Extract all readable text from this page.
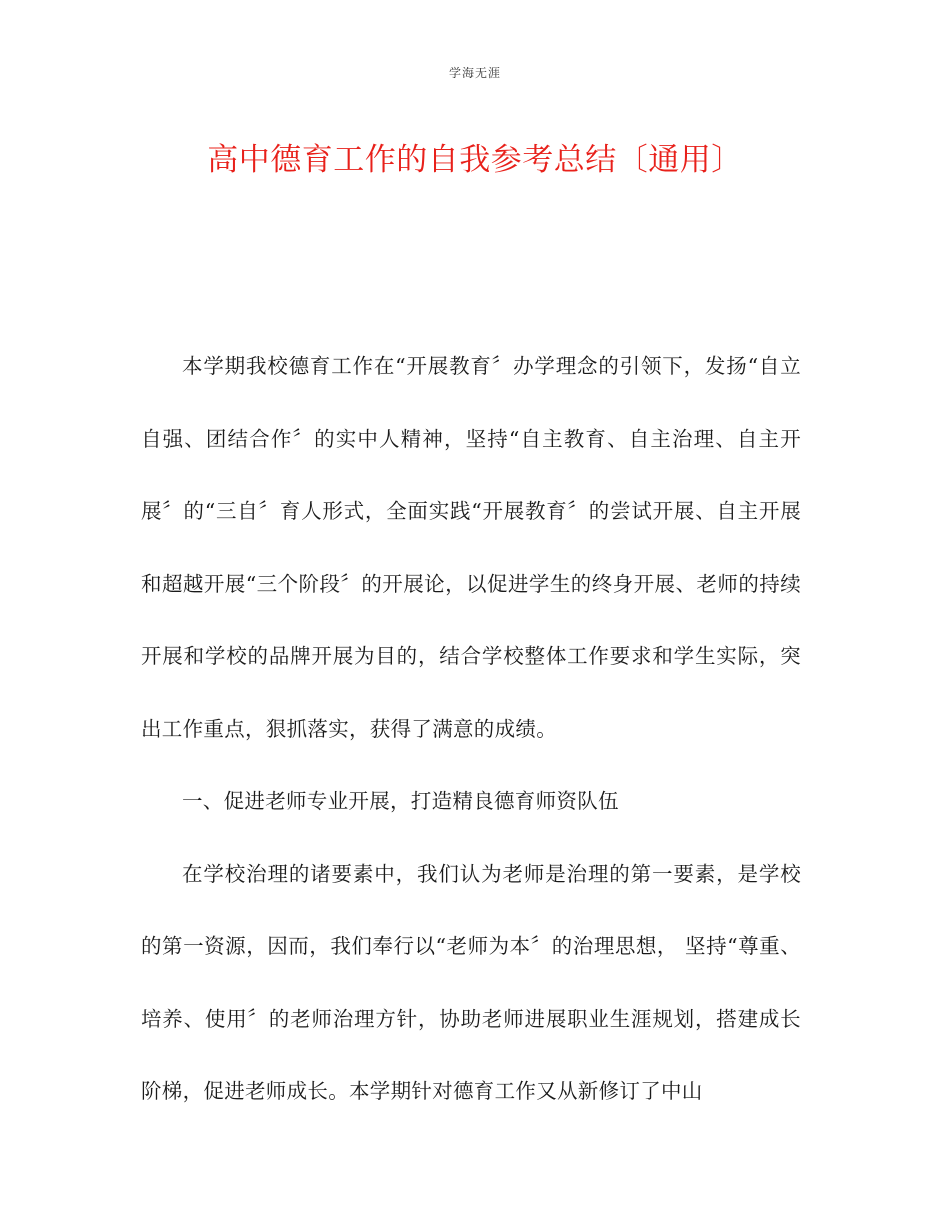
学海无涯
高中德育工作的自我参考总结〔通用〕

本学期我校德育工作在“开展教育〞办学理念的引领下，发扬“自立自强、团结合作〞的实中人精神，坚持“自主教育、自主治理、自主开展〞的“三自〞育人形式，全面实践“开展教育〞的尝试开展、自主开展和超越开展“三个阶段〞的开展论，以促进学生的终身开展、老师的持续开展和学校的品牌开展为目的，结合学校整体工作要求和学生实际，突出工作重点，狠抓落实，获得了满意的成绩。

一、促进老师专业开展，打造精良德育师资队伍

在学校治理的诸要素中，我们认为老师是治理的第一要素，是学校的第一资源，因而，我们奉行以“老师为本〞的治理思想， 坚持“尊重、培养、使用〞的老师治理方针，协助老师进展职业生涯规划，搭建成长阶梯，促进老师成长。本学期针对德育工作又从新修订了中山
